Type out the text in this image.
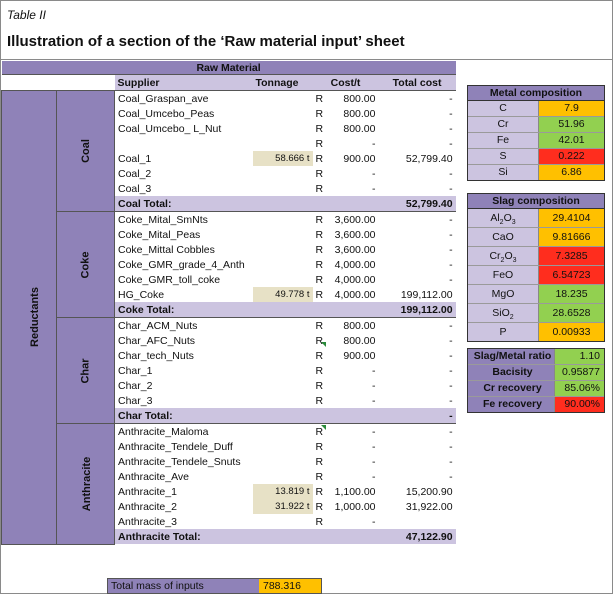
Table II
Illustration of a section of the ‘Raw material input’ sheet
Raw Material						
		Supplier	Tonnage	Cost/t		Total cost
Reductants	Coal	Coal_Graspan_ave		R	800.00	-
		Coal_Umcebo_Peas		R	800.00	-
		Coal_Umcebo_ L_Nut		R	800.00	-
				R	-	-
		Coal_1	58.666 t	R	900.00	52,799.40
		Coal_2		R	-	-
		Coal_3		R	-	-
		Coal Total:				52,799.40
	Coke	Coke_Mital_SmNts		R	3,600.00	-
		Coke_Mital_Peas		R	3,600.00	-
		Coke_Mittal Cobbles		R	3,600.00	-
		Coke_GMR_grade_4_Anth		R	4,000.00	-
		Coke_GMR_toll_coke		R	4,000.00	-
		HG_Coke	49.778 t	R	4,000.00	199,112.00
		Coke Total:				199,112.00
	Char	Char_ACM_Nuts		R	800.00	-
		Char_AFC_Nuts		R	800.00	-
		Char_tech_Nuts		R	900.00	-
		Char_1		R	-	-
		Char_2		R	-	-
		Char_3		R	-	-
		Char Total:				-
	Anthracite	Anthracite_Maloma		R	-	-
		Anthracite_Tendele_Duff		R	-	-
		Anthracite_Tendele_Snuts		R	-	-
		Anthracite_Ave		R	-	-
		Anthracite_1	13.819 t	R	1,100.00	15,200.90
		Anthracite_2	31.922 t	R	1,000.00	31,922.00
		Anthracite_3		R	-	
		Anthracite Total:				47,122.90
Metal composition
C	7.9
Cr	51.96
Fe	42.01
S	0.222
Si	6.86
Slag composition
$Al_2O_3$	29.4104
CaO	9.81666
$Cr_2O_3$	7.3285
FeO	6.54723
MgO	18.235
SiO$_2$	28.6528
P	0.00933
Slag/Metal ratio	1.10
Bacisity	0.95877
Cr recovery	85.06%
Fe recovery	90.00%
Total mass of inputs	788.316
